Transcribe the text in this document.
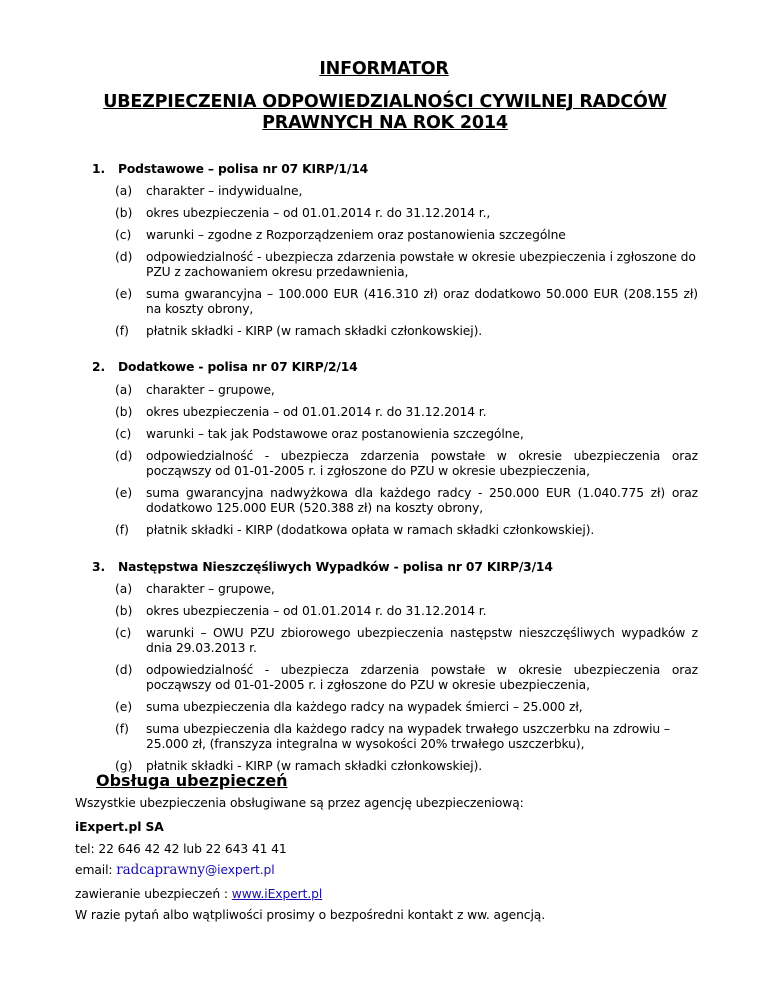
INFORMATOR
UBEZPIECZENIA ODPOWIEDZIALNOŚCI CYWILNEJ RADCÓW PRAWNYCH NA ROK 2014
1. Podstawowe – polisa nr 07 KIRP/1/14
(a) charakter – indywidualne,
(b) okres ubezpieczenia – od 01.01.2014 r. do 31.12.2014 r.,
(c) warunki – zgodne z Rozporządzeniem oraz postanowienia szczególne
(d) odpowiedzialność - ubezpiecza zdarzenia powstałe w okresie ubezpieczenia i zgłoszone do PZU z zachowaniem okresu przedawnienia,
(e) suma gwarancyjna – 100.000 EUR (416.310 zł) oraz dodatkowo 50.000 EUR (208.155 zł) na koszty obrony,
(f) płatnik składki - KIRP (w ramach składki członkowskiej).
2. Dodatkowe - polisa nr 07 KIRP/2/14
(a) charakter – grupowe,
(b) okres ubezpieczenia – od 01.01.2014 r. do 31.12.2014 r.
(c) warunki – tak jak Podstawowe oraz postanowienia szczególne,
(d) odpowiedzialność - ubezpiecza zdarzenia powstałe w okresie ubezpieczenia oraz począwszy od 01-01-2005 r. i zgłoszone do PZU w okresie ubezpieczenia,
(e) suma gwarancyjna nadwyżkowa dla każdego radcy - 250.000 EUR (1.040.775 zł) oraz dodatkowo 125.000 EUR (520.388 zł) na koszty obrony,
(f) płatnik składki - KIRP (dodatkowa opłata w ramach składki członkowskiej).
3. Następstwa Nieszczęśliwych Wypadków - polisa nr 07 KIRP/3/14
(a) charakter – grupowe,
(b) okres ubezpieczenia – od 01.01.2014 r. do 31.12.2014 r.
(c) warunki – OWU PZU zbiorowego ubezpieczenia następstw nieszczęśliwych wypadków z dnia 29.03.2013 r.
(d) odpowiedzialność - ubezpiecza zdarzenia powstałe w okresie ubezpieczenia oraz począwszy od 01-01-2005 r. i zgłoszone do PZU w okresie ubezpieczenia,
(e) suma ubezpieczenia dla każdego radcy na wypadek śmierci – 25.000 zł,
(f) suma ubezpieczenia dla każdego radcy na wypadek trwałego uszczerbku na zdrowiu – 25.000 zł, (franszyza integralna w wysokości 20% trwałego uszczerbku),
(g) płatnik składki - KIRP (w ramach składki członkowskiej).
Obsługa ubezpieczeń
Wszystkie ubezpieczenia obsługiwane są przez agencję ubezpieczeniową:
iExpert.pl SA
tel: 22 646 42 42 lub 22 643 41 41
email: radcaprawny@iexpert.pl
zawieranie ubezpieczeń : www.iExpert.pl
W razie pytań albo wątpliwości prosimy o bezpośredni kontakt z ww. agencją.
